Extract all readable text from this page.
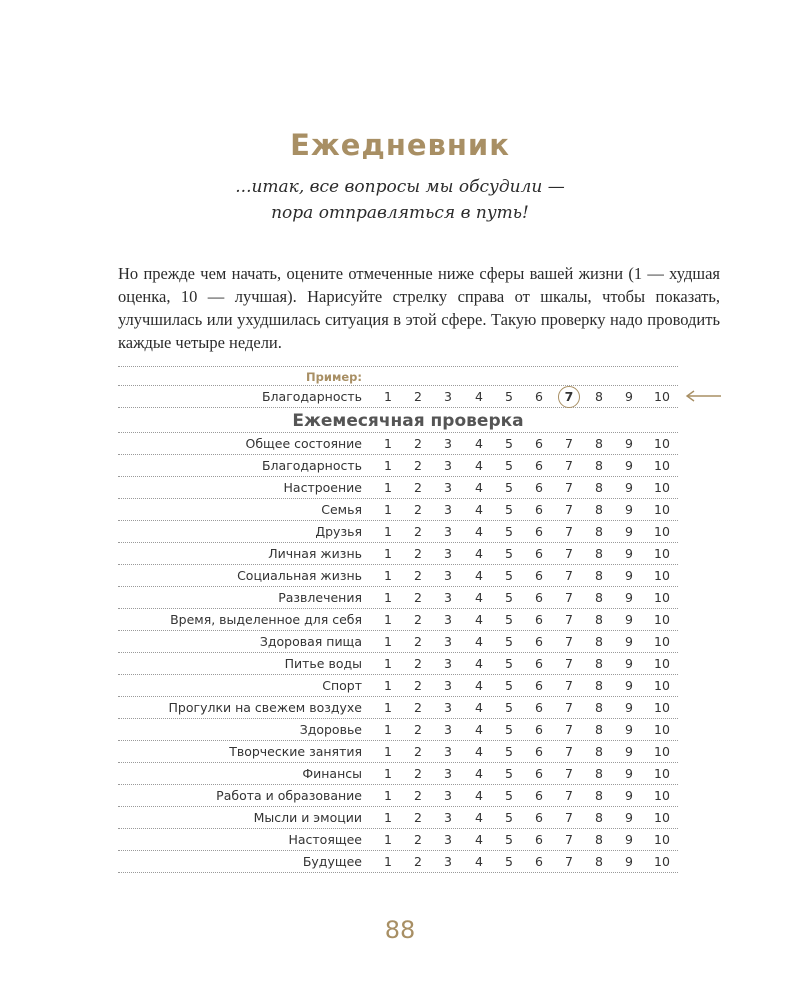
Ежедневник
...итак, все вопросы мы обсудили —
пора отправляться в путь!
Но прежде чем начать, оцените отмеченные ниже сферы вашей жизни (1 — худшая оценка, 10 — лучшая). Нарисуйте стрелку справа от шкалы, чтобы показать, улучшилась или ухудшилась ситуация в этой сфере. Такую проверку надо проводить каждые четыре недели.
Пример:
Благодарность	1	2	3	4	5	6	7	8	9	10
Ежемесячная проверка
Общее состояние	1	2	3	4	5	6	7	8	9	10
Благодарность	1	2	3	4	5	6	7	8	9	10
Настроение	1	2	3	4	5	6	7	8	9	10
Семья	1	2	3	4	5	6	7	8	9	10
Друзья	1	2	3	4	5	6	7	8	9	10
Личная жизнь	1	2	3	4	5	6	7	8	9	10
Социальная жизнь	1	2	3	4	5	6	7	8	9	10
Развлечения	1	2	3	4	5	6	7	8	9	10
Время, выделенное для себя	1	2	3	4	5	6	7	8	9	10
Здоровая пища	1	2	3	4	5	6	7	8	9	10
Питье воды	1	2	3	4	5	6	7	8	9	10
Спорт	1	2	3	4	5	6	7	8	9	10
Прогулки на свежем воздухе	1	2	3	4	5	6	7	8	9	10
Здоровье	1	2	3	4	5	6	7	8	9	10
Творческие занятия	1	2	3	4	5	6	7	8	9	10
Финансы	1	2	3	4	5	6	7	8	9	10
Работа и образование	1	2	3	4	5	6	7	8	9	10
Мысли и эмоции	1	2	3	4	5	6	7	8	9	10
Настоящее	1	2	3	4	5	6	7	8	9	10
Будущее	1	2	3	4	5	6	7	8	9	10
88
